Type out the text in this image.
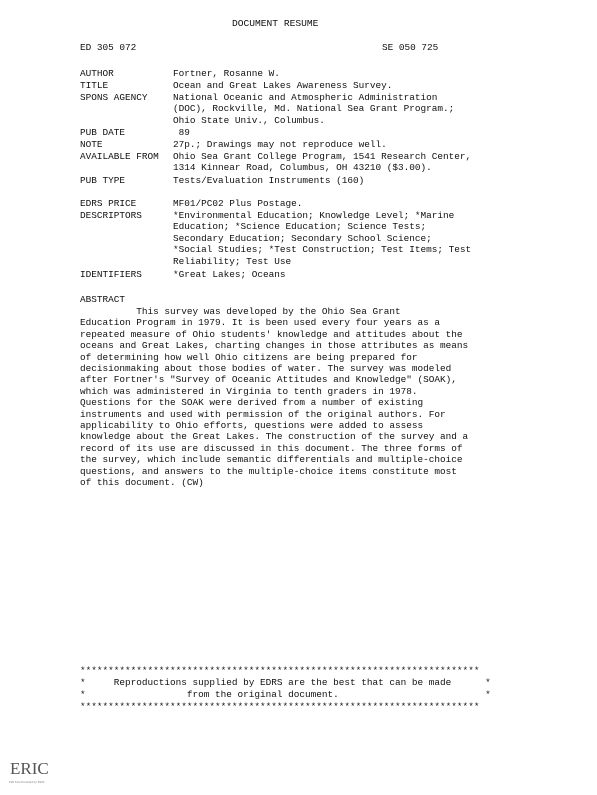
DOCUMENT RESUME
ED 305 072	SE 050 725
AUTHOR	Fortner, Rosanne W.
TITLE	Ocean and Great Lakes Awareness Survey.
SPONS AGENCY	National Oceanic and Atmospheric Administration
(DOC), Rockville, Md. National Sea Grant Program.;
Ohio State Univ., Columbus.
PUB DATE	89
NOTE	27p.; Drawings may not reproduce well.
AVAILABLE FROM Ohio Sea Grant College Program, 1541 Research Center,
1314 Kinnear Road, Columbus, OH 43210 ($3.00).
PUB TYPE	Tests/Evaluation Instruments (160)
EDRS PRICE	MF01/PC02 Plus Postage.
DESCRIPTORS	*Environmental Education; Knowledge Level; *Marine
Education; *Science Education; Science Tests;
Secondary Education; Secondary School Science;
*Social Studies; *Test Construction; Test Items; Test
Reliability; Test Use
IDENTIFIERS	*Great Lakes; Oceans
ABSTRACT
This survey was developed by the Ohio Sea Grant
Education Program in 1979. It is been used every four years as a
repeated measure of Ohio students' knowledge and attitudes about the
oceans and Great Lakes, charting changes in those attributes as means
of determining how well Ohio citizens are being prepared for
decisionmaking about those bodies of water. The survey was modeled
after Fortner's "Survey of Oceanic Attitudes and Knowledge" (SOAK),
which was administered in Virginia to tenth graders in 1978.
Questions for the SOAK were derived from a number of existing
instruments and used with permission of the original authors. For
applicability to Ohio efforts, questions were added to assess
knowledge about the Great Lakes. The construction of the survey and a
record of its use are discussed in this document. The three forms of
the survey, which include semantic differentials and multiple-choice
questions, and answers to the multiple-choice items constitute most
of this document. (CW)
***********************************************************************
*     Reproductions supplied by EDRS are the best that can be made      *
*                  from the original document.                          *
***********************************************************************
ERIC
Full Text Provided by ERIC
